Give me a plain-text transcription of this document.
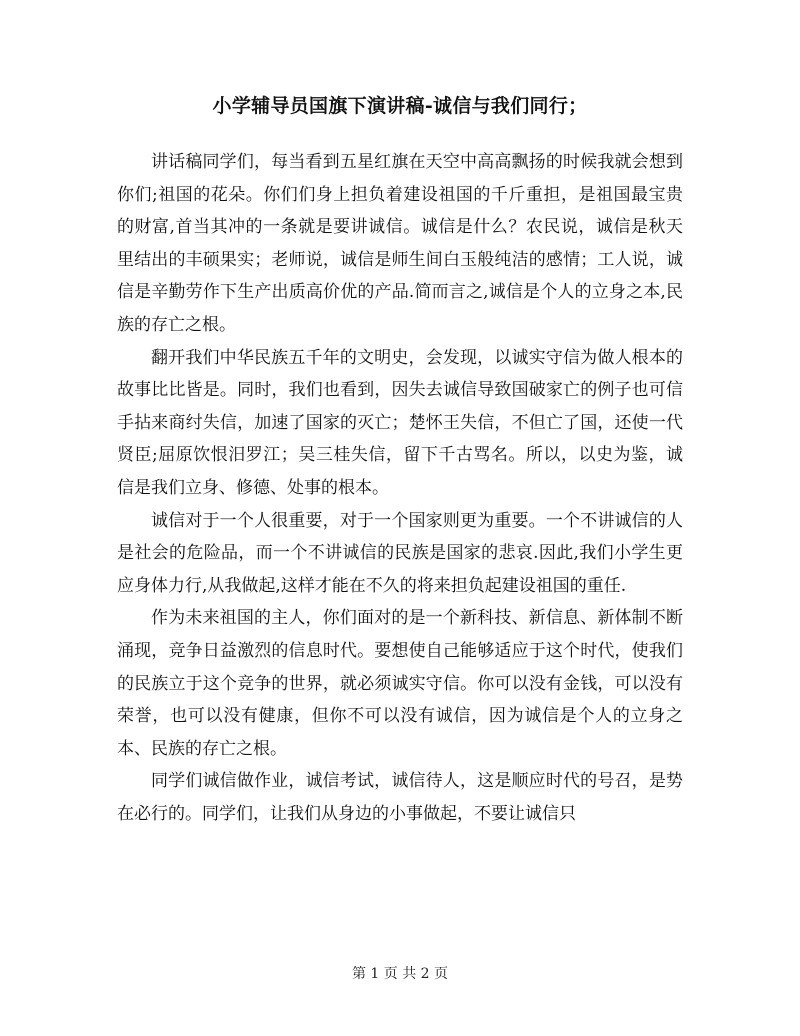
小学辅导员国旗下演讲稿-诚信与我们同行；

讲话稿同学们，每当看到五星红旗在天空中高高飘扬的时候我就会想到你们;祖国的花朵。你们们身上担负着建设祖国的千斤重担，是祖国最宝贵的财富,首当其冲的一条就是要讲诚信。诚信是什么？农民说，诚信是秋天里结出的丰硕果实；老师说，诚信是师生间白玉般纯洁的感情；工人说，诚信是辛勤劳作下生产出质高价优的产品.简而言之,诚信是个人的立身之本,民族的存亡之根。

翻开我们中华民族五千年的文明史，会发现，以诚实守信为做人根本的故事比比皆是。同时，我们也看到，因失去诚信导致国破家亡的例子也可信手拈来商纣失信，加速了国家的灭亡；楚怀王失信，不但亡了国，还使一代贤臣;屈原饮恨汨罗江；吴三桂失信，留下千古骂名。所以，以史为鉴，诚信是我们立身、修德、处事的根本。

诚信对于一个人很重要，对于一个国家则更为重要。一个不讲诚信的人是社会的危险品，而一个不讲诚信的民族是国家的悲哀.因此,我们小学生更应身体力行,从我做起,这样才能在不久的将来担负起建设祖国的重任.

作为未来祖国的主人，你们面对的是一个新科技、新信息、新体制不断涌现，竞争日益激烈的信息时代。要想使自己能够适应于这个时代，使我们的民族立于这个竞争的世界，就必须诚实守信。你可以没有金钱，可以没有荣誉，也可以没有健康，但你不可以没有诚信，因为诚信是个人的立身之本、民族的存亡之根。

同学们诚信做作业，诚信考试，诚信待人，这是顺应时代的号召，是势在必行的。同学们，让我们从身边的小事做起，不要让诚信只

第 1 页 共 2 页
